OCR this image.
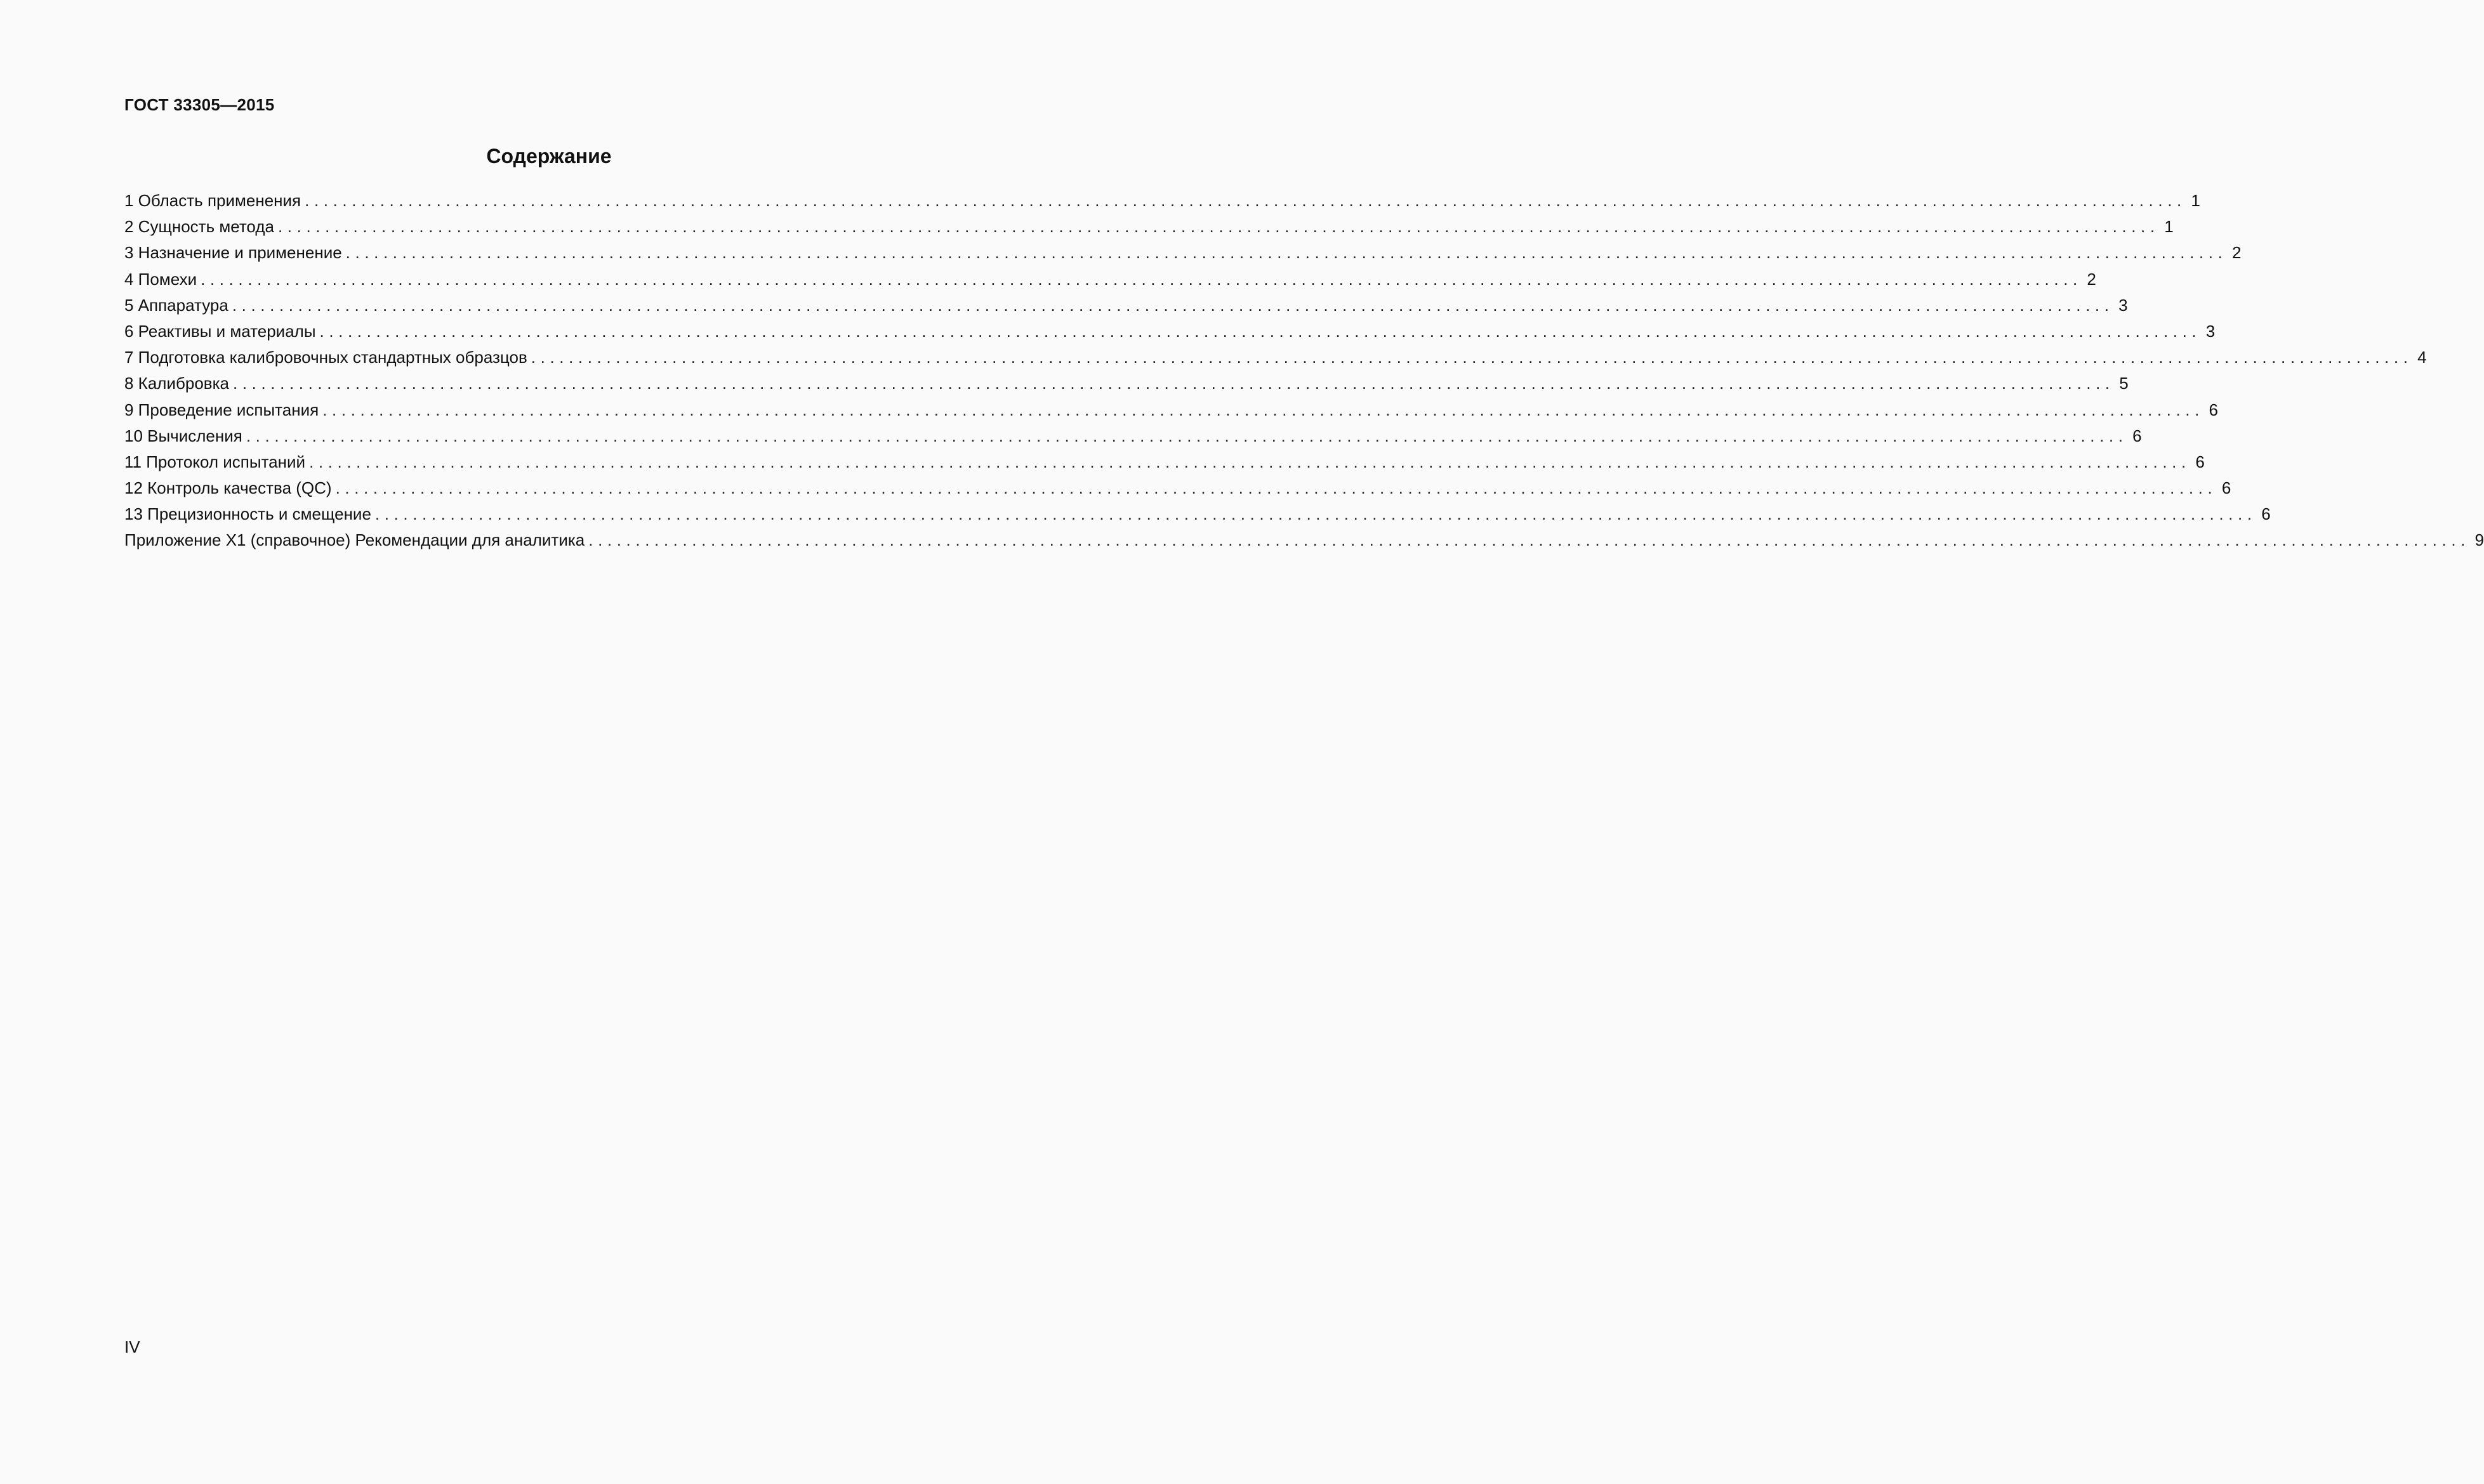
ГОСТ 33305—2015
Содержание
1 Область применения ........................................................................................................................................................................................................ 1
2 Сущность метода ........................................................................................................................................................................................................ 1
3 Назначение и применение ........................................................................................................................................................................................................ 2
4 Помехи ........................................................................................................................................................................................................ 2
5 Аппаратура ........................................................................................................................................................................................................ 3
6 Реактивы и материалы ........................................................................................................................................................................................................ 3
7 Подготовка калибровочных стандартных образцов ........................................................................................................................................................................................................ 4
8 Калибровка ........................................................................................................................................................................................................ 5
9 Проведение испытания ........................................................................................................................................................................................................ 6
10 Вычисления ........................................................................................................................................................................................................ 6
11 Протокол испытаний ........................................................................................................................................................................................................ 6
12 Контроль качества (QC) ........................................................................................................................................................................................................ 6
13 Прецизионность и смещение ........................................................................................................................................................................................................ 6
Приложение Х1 (справочное) Рекомендации для аналитика ........................................................................................................................................................................................................ 9
IV
